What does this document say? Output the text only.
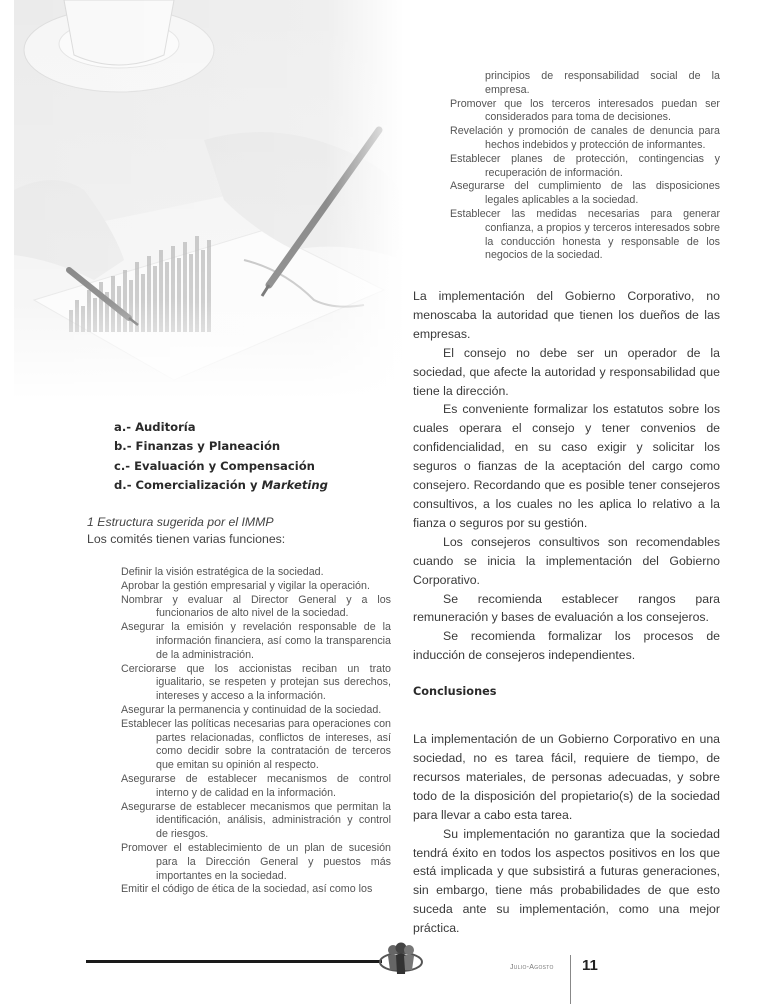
a.- Auditoría
b.- Finanzas y Planeación
c.- Evaluación y Compensación
d.- Comercialización y Marketing
1 Estructura sugerida por el IMMP
Los comités tienen varias funciones:
Definir la visión estratégica de la sociedad.
Aprobar la gestión empresarial y vigilar la operación.
Nombrar y evaluar al Director General y a los funcionarios de alto nivel de la sociedad.
Asegurar la emisión y revelación responsable de la información financiera, así como la transparencia de la administración.
Cerciorarse que los accionistas reciban un trato igualitario, se respeten y protejan sus derechos, intereses y acceso a la información.
Asegurar la permanencia y continuidad de la sociedad.
Establecer las políticas necesarias para operaciones con partes relacionadas, conflictos de intereses, así como decidir sobre la contratación de terceros que emitan su opinión al respecto.
Asegurarse de establecer mecanismos de control interno y de calidad en la información.
Asegurarse de establecer mecanismos que permitan la identificación, análisis, administración y control de riesgos.
Promover el establecimiento de un plan de sucesión para la Dirección General y puestos más importantes en la sociedad.
Emitir el código de ética de la sociedad, así como los
principios de responsabilidad social de la empresa.
Promover que los terceros interesados puedan ser considerados para toma de decisiones.
Revelación y promoción de canales de denuncia para hechos indebidos y protección de informantes.
Establecer planes de protección, contingencias y recuperación de información.
Asegurarse del cumplimiento de las disposiciones legales aplicables a la sociedad.
Establecer las medidas necesarias para generar confianza, a propios y terceros interesados sobre la conducción honesta y responsable de los negocios de la sociedad.

La implementación del Gobierno Corporativo, no menoscaba la autoridad que tienen los dueños de las empresas.

El consejo no debe ser un operador de la sociedad, que afecte la autoridad y responsabilidad que tiene la dirección.

Es conveniente formalizar los estatutos sobre los cuales operara el consejo y tener convenios de confidencialidad, en su caso exigir y solicitar los seguros o fianzas de la aceptación del cargo como consejero. Recordando que es posible tener consejeros consultivos, a los cuales no les aplica lo relativo a la fianza o seguros por su gestión.

Los consejeros consultivos son recomendables cuando se inicia la implementación del Gobierno Corporativo.

Se recomienda establecer rangos para remuneración y bases de evaluación a los consejeros.

Se recomienda formalizar los procesos de inducción de consejeros independientes.

Conclusiones

La implementación de un Gobierno Corporativo en una sociedad, no es tarea fácil, requiere de tiempo, de recursos materiales, de personas adecuadas, y sobre todo de la disposición del propietario(s) de la sociedad para llevar a cabo esta tarea.

Su implementación no garantiza que la sociedad tendrá éxito en todos los aspectos positivos en los que está implicada y que subsistirá a futuras generaciones, sin embargo, tiene más probabilidades de que esto suceda ante su implementación, como una mejor práctica.

Julio-Agosto 11
